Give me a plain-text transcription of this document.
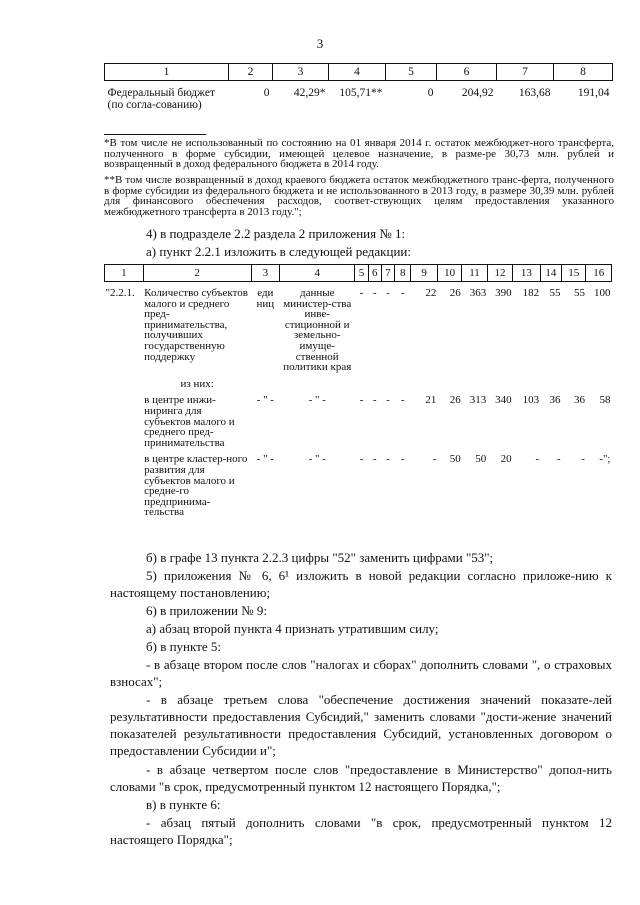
3
1	2	3	4	5	6	7	8
Федеральный бюджет (по согла-сованию)	0	42,29*	105,71**	0	204,92	163,68	191,04

*В том числе не использованный по состоянию на 01 января 2014 г. остаток межбюджет-ного трансферта, полученного в форме субсидии, имеющей целевое назначение, в разме-ре 30,73 млн. рублей и возвращенный в доход федерального бюджета в 2014 году.

**В том числе возвращенный в доход краевого бюджета остаток межбюджетного транс-ферта, полученного в форме субсидии из федерального бюджета и не использованного в 2013 году, в размере 30,39 млн. рублей для финансового обеспечения расходов, соответ-ствующих целям предоставления указанного межбюджетного трансферта в 2013 году.";

4) в подразделе 2.2 раздела 2 приложения № 1:

а) пункт 2.2.1 изложить в следующей редакции:

1	2	3	4	5	6	7	8	9	10	11	12	13	14	15	16
"2.2.1.	Количество субъектов малого и среднего пред-принимательства, получивших государственную поддержку	еди ниц	данные министер-ства инве-стиционной и земельно-имуще-ственной политики края	-	-	-	-	22	26	363	390	182	55	55	100
	из них:														
	в центре инжи-ниринга для субъектов малого и среднего пред-принимательства	- " -	- " -	-	-	-	-	21	26	313	340	103	36	36	58
	в центре кластер-ного развития для субъектов малого и средне-го предпринима-тельства	- " -	- " -	-	-	-	-	-	50	50	20	-	-	-	-";

б) в графе 13 пункта 2.2.3 цифры "52" заменить цифрами "53";

5) приложения № 6, 6¹ изложить в новой редакции согласно приложе-нию к настоящему постановлению;

6) в приложении № 9:

а) абзац второй пункта 4 признать утратившим силу;

б) в пункте 5:

- в абзаце втором после слов "налогах и сборах" дополнить словами ", о страховых взносах";

- в абзаце третьем слова "обеспечение достижения значений показате-лей результативности предоставления Субсидий," заменить словами "дости-жение значений показателей результативности предоставления Субсидий, установленных договором о предоставлении Субсидии и";

- в абзаце четвертом после слов "предоставление в Министерство" допол-нить словами "в срок, предусмотренный пунктом 12 настоящего Порядка,";

в) в пункте 6:

- абзац пятый дополнить словами "в срок, предусмотренный пунктом 12 настоящего Порядка";
